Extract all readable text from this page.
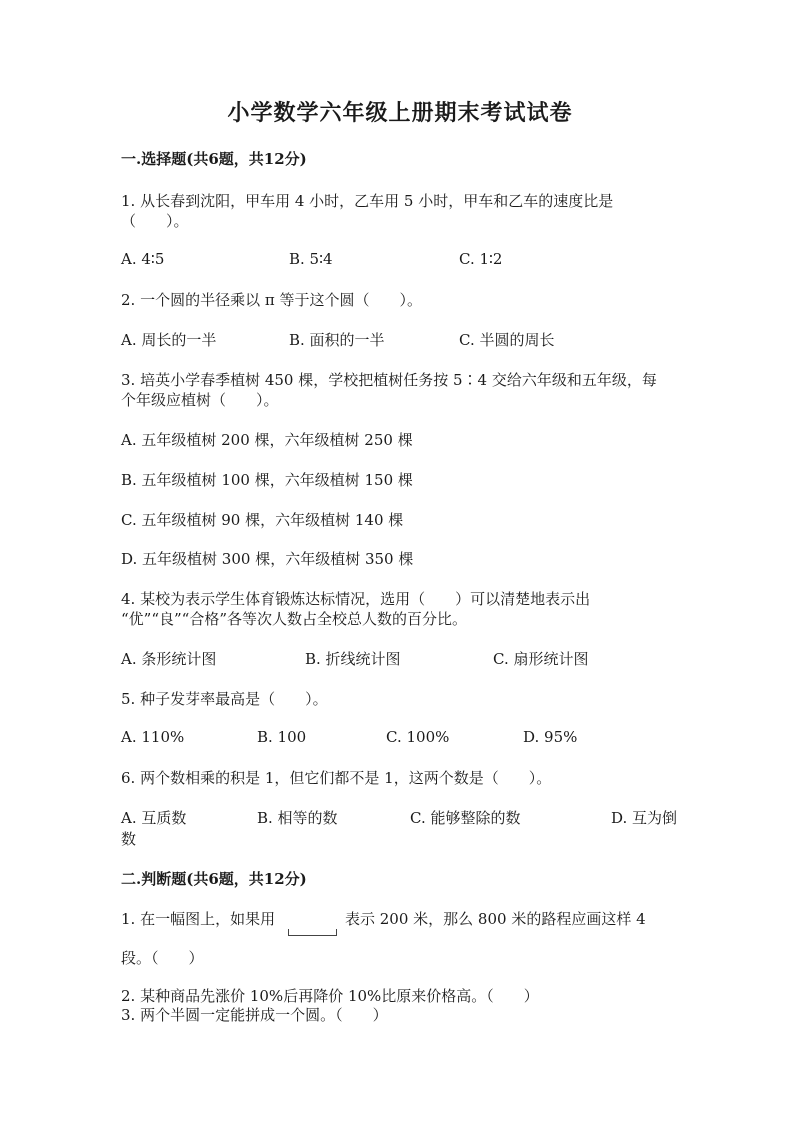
小学数学六年级上册期末考试试卷
一.选择题(共6题，共12分)
1. 从长春到沈阳，甲车用 4 小时，乙车用 5 小时，甲车和乙车的速度比是
（　　）。
A. 4∶5	B. 5∶4	C. 1∶2
2. 一个圆的半径乘以 π 等于这个圆（　　）。
A. 周长的一半	B. 面积的一半	C. 半圆的周长
3. 培英小学春季植树 450 棵，学校把植树任务按 5∶4 交给六年级和五年级，每
个年级应植树（　　）。
A. 五年级植树 200 棵，六年级植树 250 棵
B. 五年级植树 100 棵，六年级植树 150 棵
C. 五年级植树 90 棵，六年级植树 140 棵
D. 五年级植树 300 棵，六年级植树 350 棵
4. 某校为表示学生体育锻炼达标情况，选用（　　）可以清楚地表示出
“优”“良”“合格”各等次人数占全校总人数的百分比。
A. 条形统计图	B. 折线统计图	C. 扇形统计图
5. 种子发芽率最高是（　　）。
A. 110%	B. 100	C. 100%	D. 95%
6. 两个数相乘的积是 1，但它们都不是 1，这两个数是（　　）。
A. 互质数	B. 相等的数	C. 能够整除的数	D. 互为倒
数
二.判断题(共6题，共12分)
1. 在一幅图上，如果用	表示 200 米，那么 800 米的路程应画这样 4
段。（　　）
2. 某种商品先涨价 10%后再降价 10%比原来价格高。（　　）
3. 两个半圆一定能拼成一个圆。（　　）
